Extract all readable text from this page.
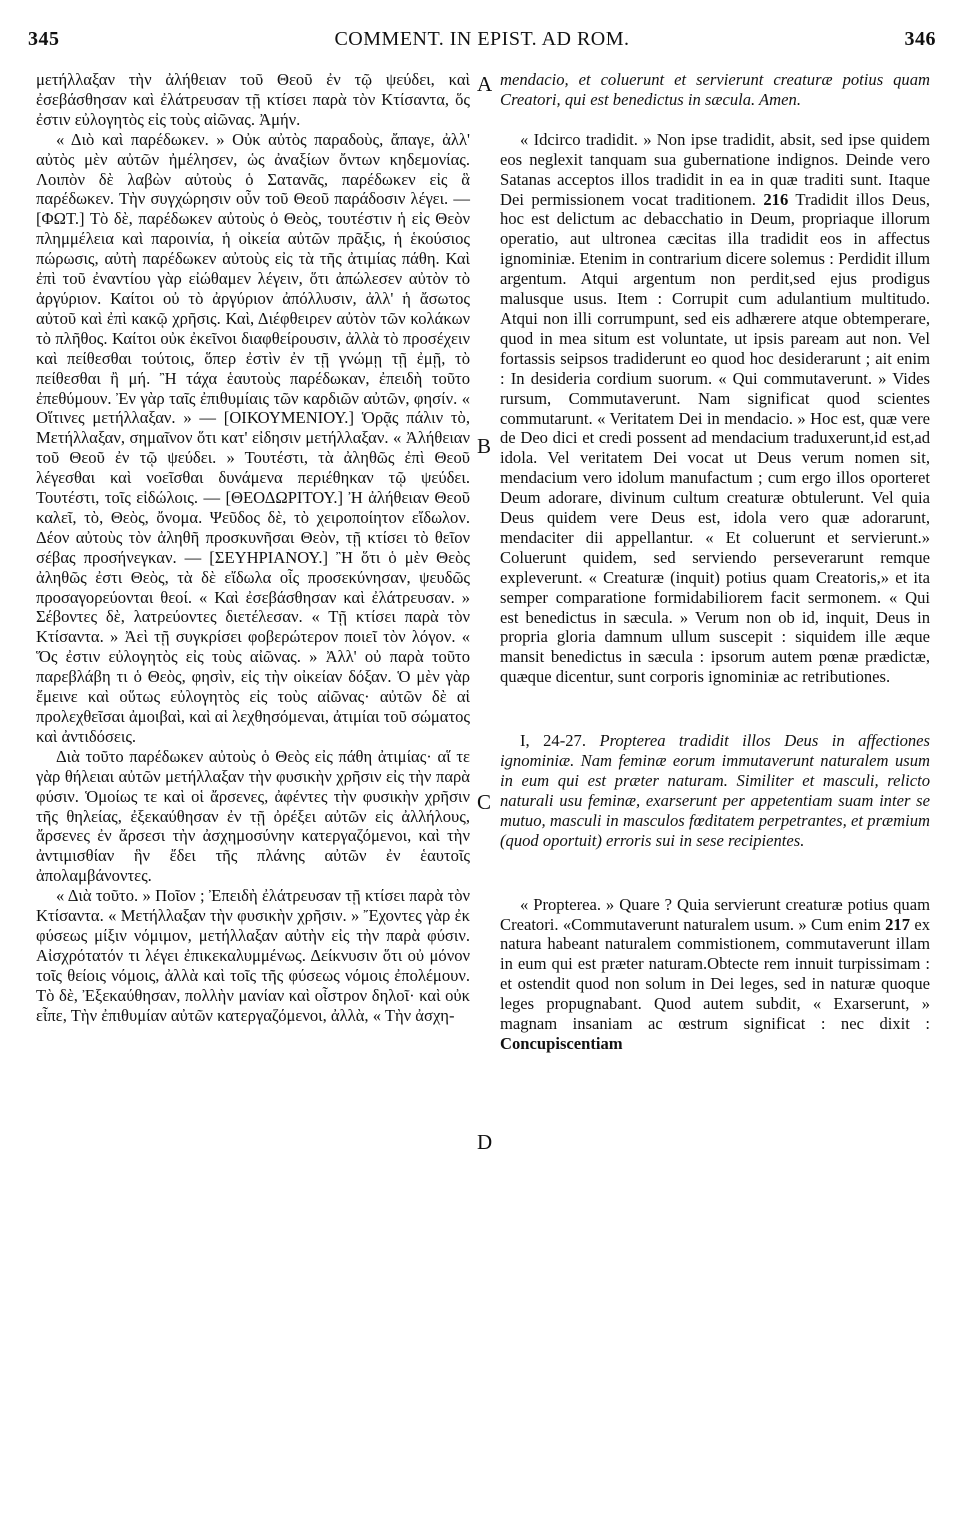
345	COMMENT. IN EPIST. AD ROM.	346

μετήλλαξαν τὴν ἀλήθειαν τοῦ Θεοῦ ἐν τῷ ψεύδει, καὶ ἐσεβάσθησαν καὶ ἐλάτρευσαν τῇ κτίσει παρὰ τὸν Κτίσαντα, ὅς ἐστιν εὐλογητὸς εἰς τοὺς αἰῶνας. Ἀμήν.

« Διὸ καὶ παρέδωκεν. » Οὐκ αὐτὸς παραδοὺς, ἄπαγε, ἀλλ' αὐτὸς μὲν αὐτῶν ἠμέλησεν, ὡς ἀναξίων ὄντων κηδεμονίας. Λοιπὸν δὲ λαβὼν αὐτοὺς ὁ Σατανᾶς, παρέδωκεν εἰς ἃ παρέδωκεν. Τὴν συγχώρησιν οὖν τοῦ Θεοῦ παράδοσιν λέγει. — [ΦΩΤ.] Τὸ δὲ, παρέδωκεν αὐτοὺς ὁ Θεὸς, τουτέστιν ἡ εἰς Θεὸν πλημμέλεια καὶ παροινία, ἡ οἰκεία αὐτῶν πρᾶξις, ἡ ἑκούσιος πώρωσις, αὐτὴ παρέδωκεν αὐτοὺς εἰς τὰ τῆς ἀτιμίας πάθη. Καὶ ἐπὶ τοῦ ἐναντίου γὰρ εἰώθαμεν λέγειν, ὅτι ἀπώλεσεν αὐτὸν τὸ ἀργύριον. Καίτοι οὐ τὸ ἀργύριον ἀπόλλυσιν, ἀλλ' ἡ ἄσωτος αὐτοῦ καὶ ἐπὶ κακῷ χρῆσις. Καὶ, Διέφθειρεν αὐτὸν τῶν κολάκων τὸ πλῆθος. Καίτοι οὐκ ἐκεῖνοι διαφθείρουσιν, ἀλλὰ τὸ προσέχειν καὶ πείθεσθαι τούτοις, ὅπερ ἐστὶν ἐν τῇ γνώμῃ τῇ ἐμῇ, τὸ πείθεσθαι ἢ μή. Ἢ τάχα ἑαυτοὺς παρέδωκαν, ἐπειδὴ τοῦτο ἐπεθύμουν. Ἐν γὰρ ταῖς ἐπιθυμίαις τῶν καρδιῶν αὐτῶν, φησίν. « Οἵτινες μετήλλαξαν. » — [ΟΙΚΟΥΜΕΝΙΟΥ.] Ὁρᾷς πάλιν τὸ, Μετήλλαξαν, σημαῖνον ὅτι κατ' εἰδησιν μετήλλαξαν. « Ἀλήθειαν τοῦ Θεοῦ ἐν τῷ ψεύδει. » Τουτέστι, τὰ ἀληθῶς ἐπὶ Θεοῦ λέγεσθαι καὶ νοεῖσθαι δυνάμενα περιέθηκαν τῷ ψεύδει. Τουτέστι, τοῖς εἰδώλοις. — [ΘΕΟΔΩΡΙΤΟΥ.] Ἠ ἀλήθειαν Θεοῦ καλεῖ, τὸ, Θεὸς, ὄνομα. Ψεῦδος δὲ, τὸ χειροποίητον εἴδωλον. Δέον αὐτοὺς τὸν ἀληθῆ προσκυνῆσαι Θεὸν, τῇ κτίσει τὸ θεῖον σέβας προσήνεγκαν. — [ΣΕΥΗΡΙΑΝΟΥ.] Ἢ ὅτι ὁ μὲν Θεὸς ἀληθῶς ἐστι Θεὸς, τὰ δὲ εἴδωλα οἷς προσεκύνησαν, ψευδῶς προσαγορεύονται θεοί. « Καὶ ἐσεβάσθησαν καὶ ἐλάτρευσαν. » Σέβοντες δὲ, λατρεύοντες διετέλεσαν. « Τῇ κτίσει παρὰ τὸν Κτίσαντα. » Ἀεὶ τῇ συγκρίσει φοβερώτερον ποιεῖ τὸν λόγον. « Ὅς ἐστιν εὐλογητὸς εἰς τοὺς αἰῶνας. » Ἀλλ' οὐ παρὰ τοῦτο παρεβλάβη τι ὁ Θεὸς, φησὶν, εἰς τὴν οἰκείαν δόξαν. Ὁ μὲν γὰρ ἔμεινε καὶ οὕτως εὐλογητὸς εἰς τοὺς αἰῶνας· αὐτῶν δὲ αἱ προλεχθεῖσαι ἀμοιβαὶ, καὶ αἱ λεχθησόμεναι, ἀτιμίαι τοῦ σώματος καὶ ἀντιδόσεις.

Διὰ τοῦτο παρέδωκεν αὐτοὺς ὁ Θεὸς εἰς πάθη ἀτιμίας· αἵ τε γὰρ θήλειαι αὐτῶν μετήλλαξαν τὴν φυσικὴν χρῆσιν εἰς τὴν παρὰ φύσιν. Ὁμοίως τε καὶ οἱ ἄρσενες, ἀφέντες τὴν φυσικὴν χρῆσιν τῆς θηλείας, ἐξεκαύθησαν ἐν τῇ ὀρέξει αὐτῶν εἰς ἀλλήλους, ἄρσενες ἐν ἄρσεσι τὴν ἀσχημοσύνην κατεργαζόμενοι, καὶ τὴν ἀντιμισθίαν ἣν ἔδει τῆς πλάνης αὐτῶν ἐν ἑαυτοῖς ἀπολαμβάνοντες.

« Διὰ τοῦτο. » Ποῖον ; Ἐπειδὴ ἐλάτρευσαν τῇ κτίσει παρὰ τὸν Κτίσαντα. « Μετήλλαξαν τὴν φυσικὴν χρῆσιν. » Ἔχοντες γὰρ ἐκ φύσεως μίξιν νόμιμον, μετήλλαξαν αὐτὴν εἰς τὴν παρὰ φύσιν. Αἰσχρότατόν τι λέγει ἐπικεκαλυμμένως. Δείκνυσιν ὅτι οὐ μόνον τοῖς θείοις νόμοις, ἀλλὰ καὶ τοῖς τῆς φύσεως νόμοις ἐπολέμουν. Τὸ δὲ, Ἐξεκαύθησαν, πολλὴν μανίαν καὶ οἶστρον δηλοῖ· καὶ οὐκ εἶπε, Τὴν ἐπιθυμίαν αὐτῶν κατεργαζόμενοι, ἀλλὰ, « Τὴν ἀσχη-

A
B
C
D

mendacio, et coluerunt et servierunt creaturæ potius quam Creatori, qui est benedictus in sæcula. Amen.

« Idcirco tradidit. » Non ipse tradidit, absit, sed ipse quidem eos neglexit tanquam sua gubernatione indignos. Deinde vero Satanas acceptos illos tradidit in ea in quæ traditi sunt. Itaque Dei permissionem vocat traditionem. 216 Tradidit illos Deus, hoc est delictum ac debacchatio in Deum, propriaque illorum operatio, aut ultronea cæcitas illa tradidit eos in affectus ignominiæ. Etenim in contrarium dicere solemus : Perdidit illum argentum. Atqui argentum non perdit,sed ejus prodigus malusque usus. Item : Corrupit cum adulantium multitudo. Atqui non illi corrumpunt, sed eis adhærere atque obtemperare, quod in mea situm est voluntate, ut ipsis paream aut non. Vel fortassis seipsos tradiderunt eo quod hoc desiderarunt ; ait enim : In desideria cordium suorum. « Qui commutaverunt. » Vides rursum, Commutaverunt. Nam significat quod scientes commutarunt. « Veritatem Dei in mendacio. » Hoc est, quæ vere de Deo dici et credi possent ad mendacium traduxerunt,id est,ad idola. Vel veritatem Dei vocat ut Deus verum nomen sit, mendacium vero idolum manufactum ; cum ergo illos oporteret Deum adorare, divinum cultum creaturæ obtulerunt. Vel quia Deus quidem vere Deus est, idola vero quæ adorarunt, mendaciter dii appellantur. « Et coluerunt et servierunt.» Coluerunt quidem, sed serviendo perseverarunt remque expleverunt. « Creaturæ (inquit) potius quam Creatoris,» et ita semper comparatione formidabiliorem facit sermonem. « Qui est benedictus in sæcula. » Verum non ob id, inquit, Deus in propria gloria damnum ullum suscepit : siquidem ille æque mansit benedictus in sæcula : ipsorum autem pœnæ prædictæ, quæque dicentur, sunt corporis ignominiæ ac retributiones.

I, 24-27. Propterea tradidit illos Deus in affectiones ignominiæ. Nam feminæ eorum immutaverunt naturalem usum in eum qui est præter naturam. Similiter et masculi, relicto naturali usu feminæ, exarserunt per appetentiam suam inter se mutuo, masculi in masculos fœditatem perpetrantes, et præmium (quod oportuit) erroris sui in sese recipientes.

« Propterea. » Quare ? Quia servierunt creaturæ potius quam Creatori. «Commutaverunt naturalem usum. » Cum enim 217 ex natura habeant naturalem commistionem, commutaverunt illam in eum qui est præter naturam.Obtecte rem innuit turpissimam : et ostendit quod non solum in Dei leges, sed in naturæ quoque leges propugnabant. Quod autem subdit, « Exarserunt, » magnam insaniam ac œstrum significat : nec dixit : Concupiscentiam
